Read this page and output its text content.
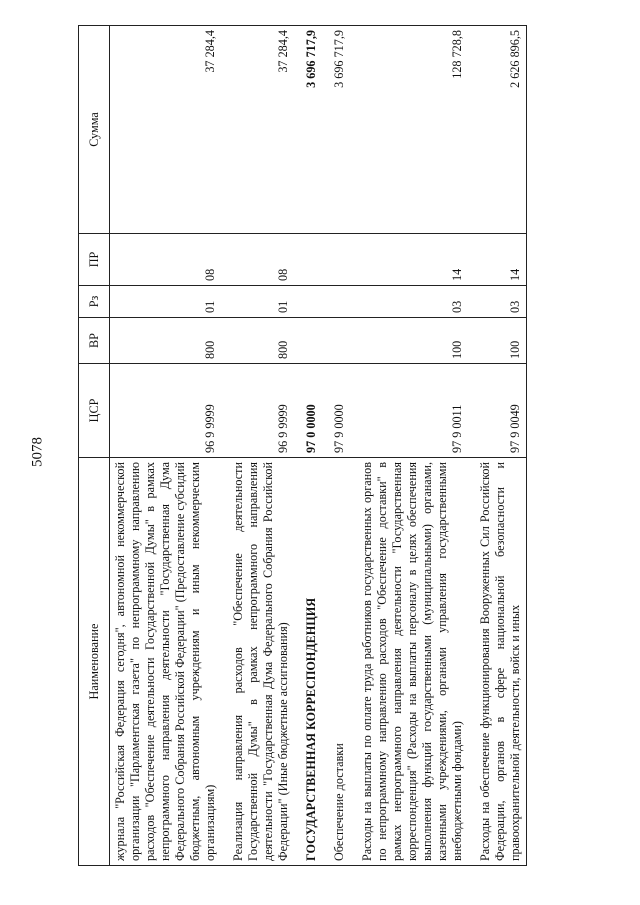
5078
Наименование	ЦСР	ВР	Рз	ПР	Сумма
журнала "Российская Федерация сегодня", автономной некоммерческой организации "Парламентская газета" по непрограммному направлению расходов "Обеспечение деятельности Государственной Думы" в рамках непрограммного направления деятельности "Государственная Дума Федерального Собрания Российской Федерации" (Предоставление субсидий бюджетным, автономным учреждениям и иным некоммерческим организациям)	96 9 9999	800	01	08	37 284,4
Реализация направления расходов "Обеспечение деятельности Государственной Думы" в рамках непрограммного направления деятельности "Государственная Дума Федерального Собрания Российской Федерации" (Иные бюджетные ассигнования)	96 9 9999	800	01	08	37 284,4
ГОСУДАРСТВЕННАЯ КОРРЕСПОНДЕНЦИЯ	97 0 0000				3 696 717,9
Обеспечение доставки	97 9 0000				3 696 717,9
Расходы на выплаты по оплате труда работников государственных органов по непрограммному направлению расходов "Обеспечение доставки" в рамках непрограммного направления деятельности "Государственная корреспонденция" (Расходы на выплаты персоналу в целях обеспечения выполнения функций государственными (муниципальными) органами, казенными учреждениями, органами управления государственными внебюджетными фондами)	97 9 0011	100	03	14	128 728,8
Расходы на обеспечение функционирования Вооруженных Сил Российской Федерации, органов в сфере национальной безопасности и правоохранительной деятельности, войск и иных	97 9 0049	100	03	14	2 626 896,5
